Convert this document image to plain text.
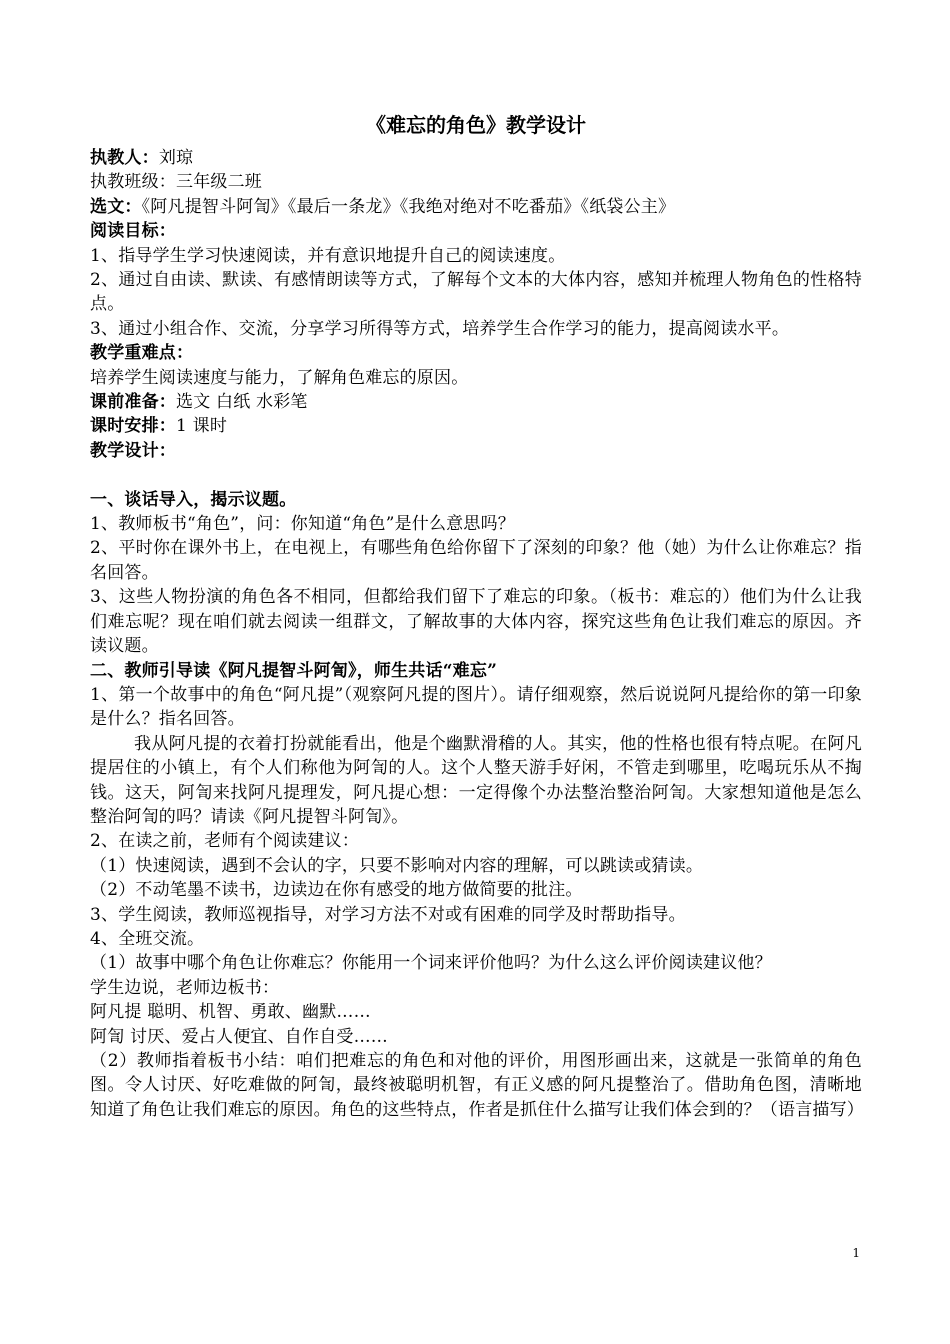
《难忘的角色》教学设计
执教人：刘琼
执教班级：三年级二班
选文：《阿凡提智斗阿訇》《最后一条龙》《我绝对绝对不吃番茄》《纸袋公主》
阅读目标：
1、指导学生学习快速阅读，并有意识地提升自己的阅读速度。
2、通过自由读、默读、有感情朗读等方式，了解每个文本的大体内容，感知并梳理人物角色的性格特点。
3、通过小组合作、交流，分享学习所得等方式，培养学生合作学习的能力，提高阅读水平。
教学重难点：
培养学生阅读速度与能力，了解角色难忘的原因。
课前准备：选文 白纸 水彩笔
课时安排：1 课时
教学设计：
一、谈话导入，揭示议题。
1、教师板书“角色”，问：你知道“角色”是什么意思吗？
2、平时你在课外书上，在电视上，有哪些角色给你留下了深刻的印象？他（她）为什么让你难忘？指名回答。
3、这些人物扮演的角色各不相同，但都给我们留下了难忘的印象。（板书：难忘的）他们为什么让我们难忘呢？现在咱们就去阅读一组群文，了解故事的大体内容，探究这些角色让我们难忘的原因。齐读议题。
二、教师引导读《阿凡提智斗阿訇》，师生共话“难忘”
1、第一个故事中的角色“阿凡提”（观察阿凡提的图片）。请仔细观察，然后说说阿凡提给你的第一印象是什么？指名回答。
我从阿凡提的衣着打扮就能看出，他是个幽默滑稽的人。其实，他的性格也很有特点呢。在阿凡提居住的小镇上，有个人们称他为阿訇的人。这个人整天游手好闲，不管走到哪里，吃喝玩乐从不掏钱。这天，阿訇来找阿凡提理发，阿凡提心想：一定得像个办法整治整治阿訇。大家想知道他是怎么整治阿訇的吗？请读《阿凡提智斗阿訇》。
2、在读之前，老师有个阅读建议：
（1）快速阅读，遇到不会认的字，只要不影响对内容的理解，可以跳读或猜读。
（2）不动笔墨不读书，边读边在你有感受的地方做简要的批注。
3、学生阅读，教师巡视指导，对学习方法不对或有困难的同学及时帮助指导。
4、全班交流。
（1）故事中哪个角色让你难忘？你能用一个词来评价他吗？为什么这么评价阅读建议他？
学生边说，老师边板书：
阿凡提 聪明、机智、勇敢、幽默……
阿訇 讨厌、爱占人便宜、自作自受……
（2）教师指着板书小结：咱们把难忘的角色和对他的评价，用图形画出来，这就是一张简单的角色图。令人讨厌、好吃难做的阿訇，最终被聪明机智，有正义感的阿凡提整治了。借助角色图，清晰地知道了角色让我们难忘的原因。角色的这些特点，作者是抓住什么描写让我们体会到的？（语言描写）
1
